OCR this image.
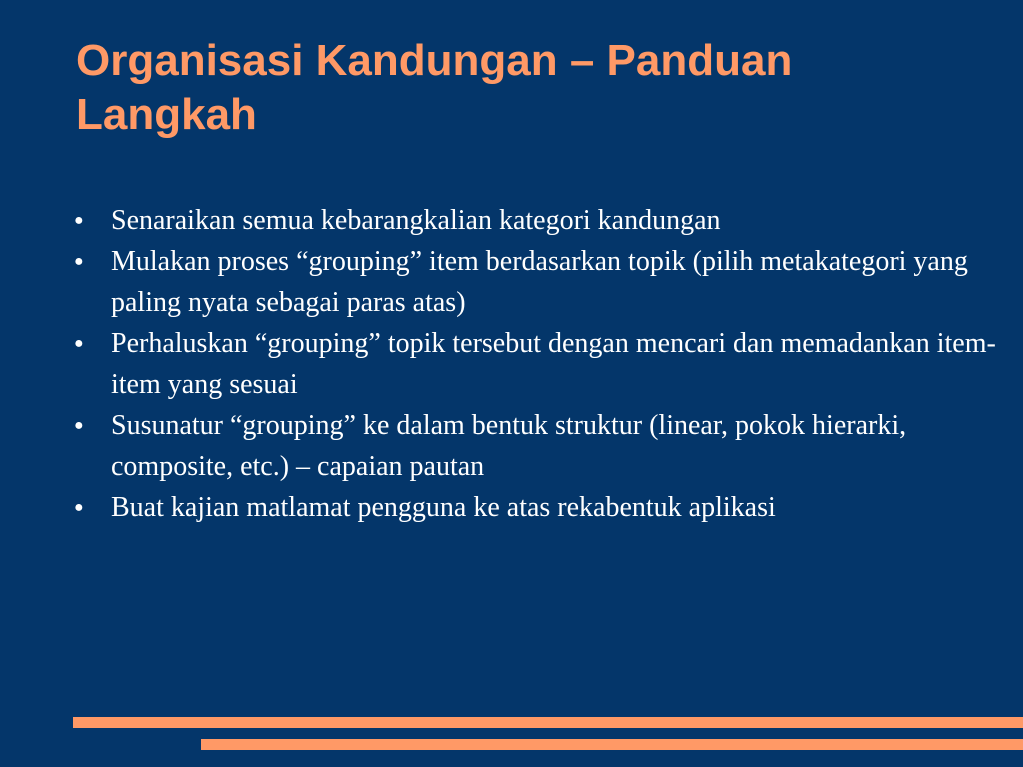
Organisasi Kandungan – Panduan Langkah
● Senaraikan semua kebarangkalian kategori kandungan
● Mulakan proses “grouping” item berdasarkan topik (pilih metakategori yang paling nyata sebagai paras atas)
● Perhaluskan “grouping” topik tersebut dengan mencari dan memadankan item-item yang sesuai
● Susunatur “grouping” ke dalam bentuk struktur (linear, pokok hierarki, composite, etc.) – capaian pautan
● Buat kajian matlamat pengguna ke atas rekabentuk aplikasi
